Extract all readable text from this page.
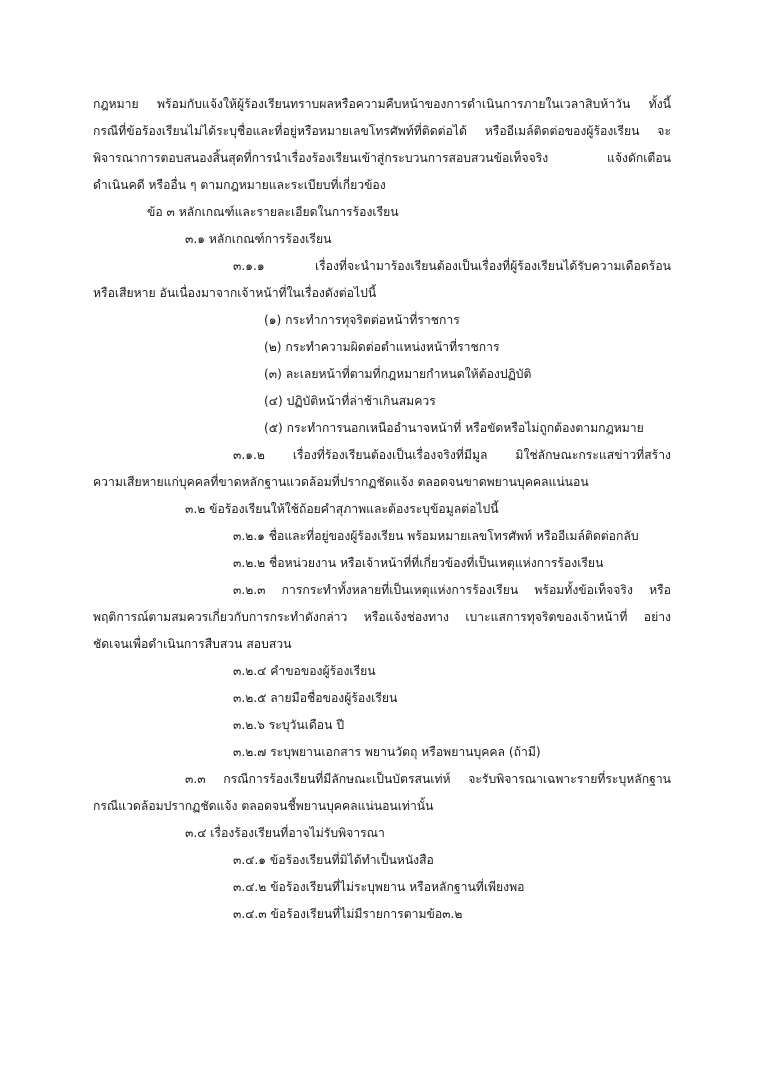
กฎหมาย พร้อมกับแจ้งให้ผู้ร้องเรียนทราบผลหรือความคืบหน้าของการดำเนินการภายในเวลาสิบห้าวัน ทั้งนี้
กรณีที่ข้อร้องเรียนไม่ได้ระบุชื่อและที่อยู่หรือหมายเลขโทรศัพท์ที่ติดต่อได้ หรืออีเมล์ติดต่อของผู้ร้องเรียน จะ
พิจารณาการตอบสนองสิ้นสุดที่การนำเรื่องร้องเรียนเข้าสู่กระบวนการสอบสวนข้อเท็จจริง แจ้งดักเตือน
ดำเนินคดี หรืออื่น ๆ ตามกฎหมายและระเบียบที่เกี่ยวข้อง
ข้อ ๓ หลักเกณฑ์และรายละเอียดในการร้องเรียน
๓.๑ หลักเกณฑ์การร้องเรียน
๓.๑.๑ เรื่องที่จะนำมาร้องเรียนต้องเป็นเรื่องที่ผู้ร้องเรียนได้รับความเดือดร้อน
หรือเสียหาย อันเนื่องมาจากเจ้าหน้าที่ในเรื่องดังต่อไปนี้
(๑) กระทำการทุจริตต่อหน้าที่ราชการ
(๒) กระทำความผิดต่อตำแหน่งหน้าที่ราชการ
(๓) ละเลยหน้าที่ตามที่กฎหมายกำหนดให้ต้องปฏิบัติ
(๔) ปฏิบัติหน้าที่ล่าช้าเกินสมควร
(๕) กระทำการนอกเหนืออำนาจหน้าที่ หรือขัดหรือไม่ถูกต้องตามกฎหมาย
๓.๑.๒ เรื่องที่ร้องเรียนต้องเป็นเรื่องจริงที่มีมูล มิใช่ลักษณะกระแสข่าวที่สร้าง
ความเสียหายแก่บุคคลที่ขาดหลักฐานแวดล้อมที่ปรากฏชัดแจ้ง ตลอดจนขาดพยานบุคคลแน่นอน
๓.๒ ข้อร้องเรียนให้ใช้ถ้อยคำสุภาพและต้องระบุข้อมูลต่อไปนี้
๓.๒.๑ ชื่อและที่อยู่ของผู้ร้องเรียน พร้อมหมายเลขโทรศัพท์ หรืออีเมล์ติดต่อกลับ
๓.๒.๒ ชื่อหน่วยงาน หรือเจ้าหน้าที่ที่เกี่ยวข้องที่เป็นเหตุแห่งการร้องเรียน
๓.๒.๓ การกระทำทั้งหลายที่เป็นเหตุแห่งการร้องเรียน พร้อมทั้งข้อเท็จจริง หรือ
พฤติการณ์ตามสมควรเกี่ยวกับการกระทำดังกล่าว หรือแจ้งช่องทาง เบาะแสการทุจริตของเจ้าหน้าที่ อย่าง
ชัดเจนเพื่อดำเนินการสืบสวน สอบสวน
๓.๒.๔ คำขอของผู้ร้องเรียน
๓.๒.๕ ลายมือชื่อของผู้ร้องเรียน
๓.๒.๖ ระบุวันเดือน ปี
๓.๒.๗ ระบุพยานเอกสาร พยานวัตถุ หรือพยานบุคคล (ถ้ามี)
๓.๓ กรณีการร้องเรียนที่มีลักษณะเป็นบัตรสนเท่ห์ จะรับพิจารณาเฉพาะรายที่ระบุหลักฐาน
กรณีแวดล้อมปรากฏชัดแจ้ง ตลอดจนชี้พยานบุคคลแน่นอนเท่านั้น
๓.๔ เรื่องร้องเรียนที่อาจไม่รับพิจารณา
๓.๔.๑ ข้อร้องเรียนที่มิได้ทำเป็นหนังสือ
๓.๔.๒ ข้อร้องเรียนที่ไม่ระบุพยาน หรือหลักฐานที่เพียงพอ
๓.๔.๓ ข้อร้องเรียนที่ไม่มีรายการตามข้อ๓.๒
